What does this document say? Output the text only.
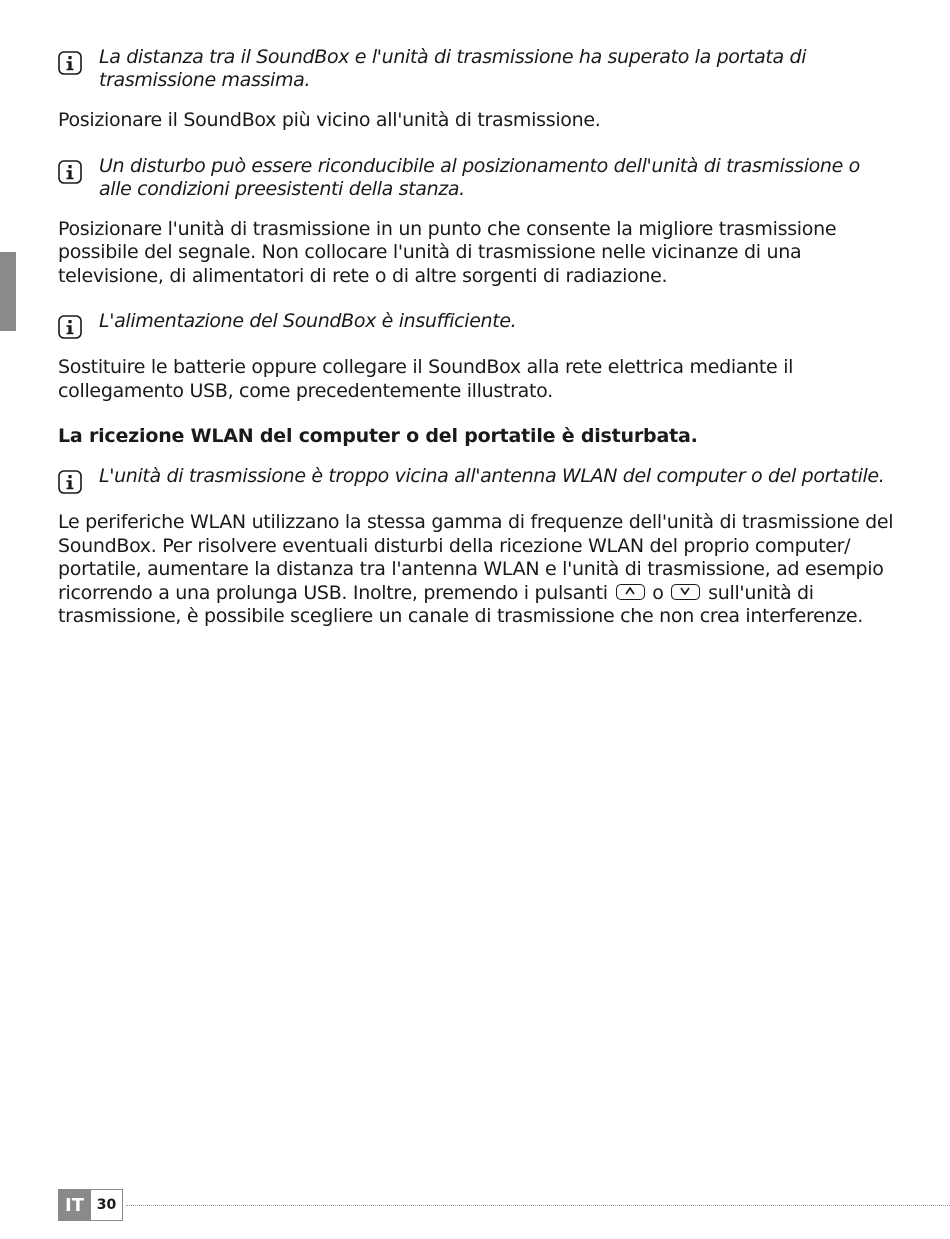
La distanza tra il SoundBox e l'unità di trasmissione ha superato la portata di trasmissione massima.

Posizionare il SoundBox più vicino all'unità di trasmissione.

Un disturbo può essere riconducibile al posizionamento dell'unità di trasmissione o alle condizioni preesistenti della stanza.

Posizionare l'unità di trasmissione in un punto che consente la migliore trasmissione possibile del segnale. Non collocare l'unità di trasmissione nelle vicinanze di una televisione, di alimentatori di rete o di altre sorgenti di radiazione.

L'alimentazione del SoundBox è insufficiente.

Sostituire le batterie oppure collegare il SoundBox alla rete elettrica mediante il collegamento USB, come precedentemente illustrato.

La ricezione WLAN del computer o del portatile è disturbata.

L'unità di trasmissione è troppo vicina all'antenna WLAN del computer o del portatile.

Le periferiche WLAN utilizzano la stessa gamma di frequenze dell'unità di trasmissione del SoundBox. Per risolvere eventuali disturbi della ricezione WLAN del proprio computer/ portatile, aumentare la distanza tra l'antenna WLAN e l'unità di trasmissione, ad esempio ricorrendo a una prolunga USB. Inoltre, premendo i pulsanti o sull'unità di trasmissione, è possibile scegliere un canale di trasmissione che non crea interferenze.

IT 30
